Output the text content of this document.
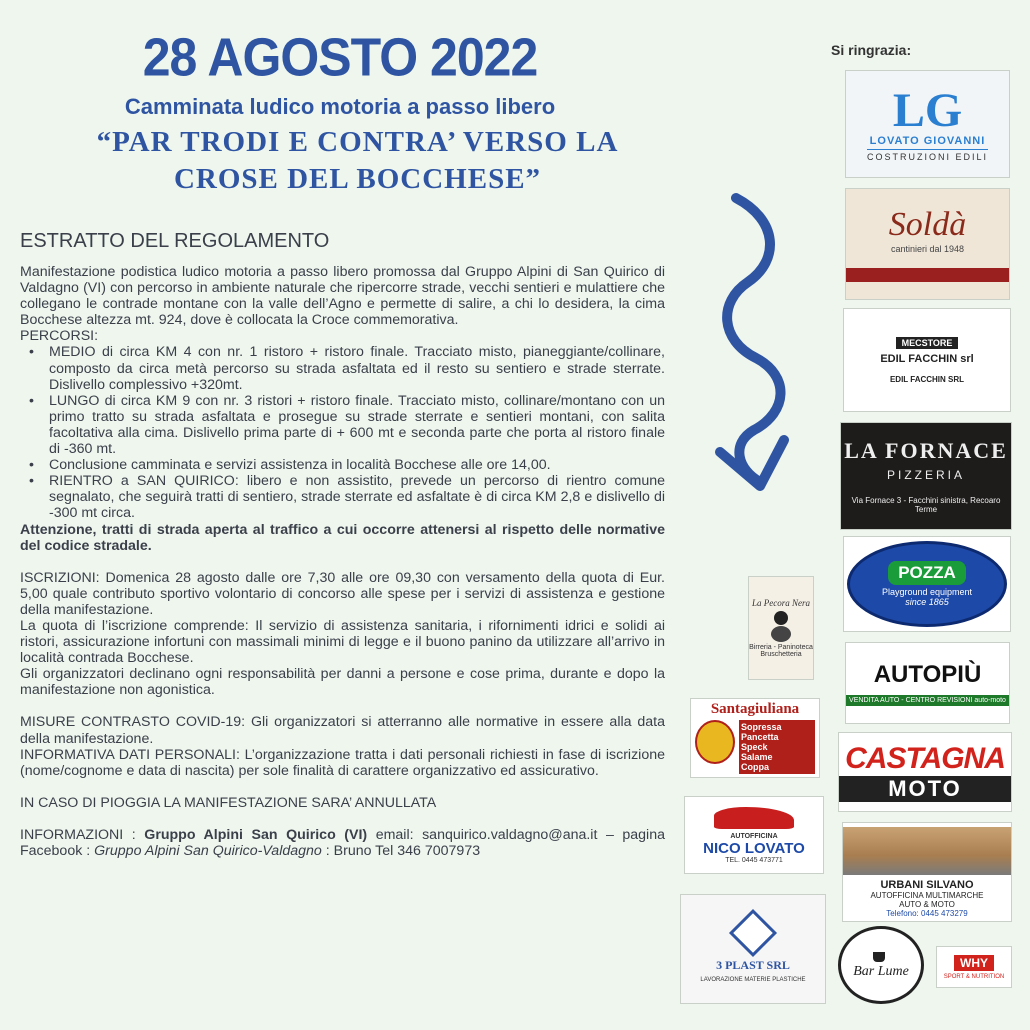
28 AGOSTO 2022
Camminata ludico motoria a passo libero
“PAR TRODI E CONTRA’ VERSO LA
CROSE DEL BOCCHESE”
ESTRATTO DEL REGOLAMENTO

Manifestazione podistica ludico motoria a passo libero promossa dal Gruppo Alpini di San Quirico di Valdagno (VI) con percorso in ambiente naturale che ripercorre strade, vecchi sentieri e mulattiere che collegano le contrade montane con la valle dell’Agno e permette di salire, a chi lo desidera, la cima Bocchese altezza mt. 924, dove è collocata la Croce commemorativa.

PERCORSI:

• MEDIO di circa KM 4 con nr. 1 ristoro + ristoro finale. Tracciato misto, pianeggiante/collinare, composto da circa metà percorso su strada asfaltata ed il resto su sentiero e strade sterrate. Dislivello complessivo +320mt.
• LUNGO di circa KM 9 con nr. 3 ristori + ristoro finale. Tracciato misto, collinare/montano con un primo tratto su strada asfaltata e prosegue su strade sterrate e sentieri montani, con salita facoltativa alla cima. Dislivello prima parte di + 600 mt e seconda parte che porta al ristoro finale di -360 mt.
• Conclusione camminata e servizi assistenza in località Bocchese alle ore 14,00.
• RIENTRO a SAN QUIRICO: libero e non assistito, prevede un percorso di rientro comune segnalato, che seguirà tratti di sentiero, strade sterrate ed asfaltate è di circa KM 2,8 e dislivello di -300 mt circa.

Attenzione, tratti di strada aperta al traffico a cui occorre attenersi al rispetto delle normative del codice stradale.

ISCRIZIONI: Domenica 28 agosto dalle ore 7,30 alle ore 09,30 con versamento della quota di Eur. 5,00 quale contributo sportivo volontario di concorso alle spese per i servizi di assistenza e gestione della manifestazione.

La quota di l’iscrizione comprende: Il servizio di assistenza sanitaria, i rifornimenti idrici e solidi ai ristori, assicurazione infortuni con massimali minimi di legge e il buono panino da utilizzare all’arrivo in località contrada Bocchese.

Gli organizzatori declinano ogni responsabilità per danni a persone e cose prima, durante e dopo la manifestazione non agonistica.

MISURE CONTRASTO COVID-19: Gli organizzatori si atterranno alle normative in essere alla data della manifestazione.

INFORMATIVA DATI PERSONALI: L’organizzazione tratta i dati personali richiesti in fase di iscrizione (nome/cognome e data di nascita) per sole finalità di carattere organizzativo ed assicurativo.

IN CASO DI PIOGGIA LA MANIFESTAZIONE SARA’ ANNULLATA

INFORMAZIONI : Gruppo Alpini San Quirico (VI) email: sanquirico.valdagno@ana.it – pagina Facebook : Gruppo Alpini San Quirico-Valdagno : Bruno Tel 346 7007973

Si ringrazia:
LG
LOVATO GIOVANNI
COSTRUZIONI EDILI
Soldà
cantinieri dal 1948
MECSTORE
EDIL FACCHIN srl
EDIL FACCHIN SRL
LA FORNACE
PIZZERIA
Via Fornace 3 - Facchini sinistra, Recoaro Terme
POZZA
Playground equipment
since 1865
La Pecora Nera
Birreria - Paninoteca Bruschetteria
AUTOPIÙ
VENDITA AUTO - CENTRO REVISIONI auto-moto
Santagiuliana
Sopressa
Pancetta
Speck
Salame
Coppa	CASTAGNA
MOTO
AUTOFFICINA
NICO LOVATO
TEL. 0445 473771
URBANI SILVANO
AUTOFFICINA MULTIMARCHE
AUTO & MOTO
Telefono: 0445 473279
3 PLAST SRL
LAVORAZIONE MATERIE PLASTICHE
Bar Lume
WHY
SPORT & NUTRITION
